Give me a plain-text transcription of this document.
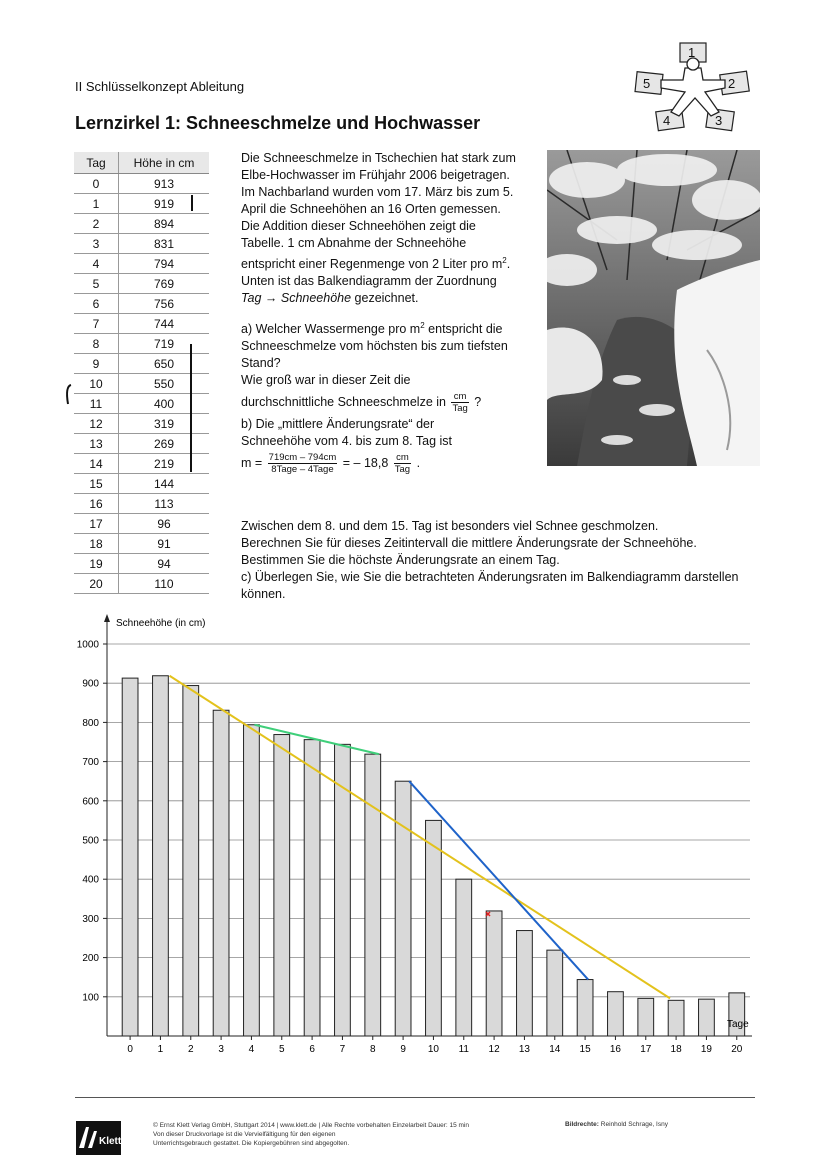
II Schlüsselkonzept Ableitung
Lernzirkel 1: Schneeschmelze und Hochwasser
1
2
3
4
5
Tag	Höhe in cm
0	913
1	919
2	894
3	831
4	794
5	769
6	756
7	744
8	719
9	650
10	550
11	400
12	319
13	269
14	219
15	144
16	113
17	96
18	91
19	94
20	110

Die Schneeschmelze in Tschechien hat stark zum Elbe-Hochwasser im Frühjahr 2006 beigetragen. Im Nachbarland wurden vom 17. März bis zum 5. April die Schneehöhen an 16 Orten gemessen. Die Addition dieser Schneehöhen zeigt die Tabelle. 1 cm Abnahme der Schneehöhe entspricht einer Regenmenge von 2 Liter pro $m^2$.

Unten ist das Balkendiagramm der Zuordnung Tag → Schneehöhe gezeichnet.

a) Welcher Wassermenge pro $m^2$ entspricht die Schneeschmelze vom höchsten bis zum tiefsten Stand?

Wie groß war in dieser Zeit die

durchschnittliche Schneeschmelze in $\frac{cm}{\text{Tag}}$ ?

b) Die „mittlere Änderungsrate“ der

Schneehöhe vom 4. bis zum 8. Tag ist

$m = \frac{719cm - 794cm}{\text{8Tage – 4Tage}}$ = – $18,8 \frac{cm}{\text{Tag}}$ .

Zwischen dem 8. und dem 15. Tag ist besonders viel Schnee geschmolzen.

Berechnen Sie für dieses Zeitintervall die mittlere Änderungsrate der Schneehöhe.

Bestimmen Sie die höchste Änderungsrate an einem Tag.

c) Überlegen Sie, wie Sie die betrachteten Änderungsraten im Balkendiagramm darstellen können.

100
200
300
400
500
600
700
800
900
1000
0 1 2 3 4 5 6 7 8 9 10 11 12 13 14 15 16 17 18 19 20
Schneehöhe (in cm)
Tage
Klett
© Ernst Klett Verlag GmbH, Stuttgart 2014 | www.klett.de | Alle Rechte vorbehalten Einzelarbeit Dauer: 15 min
Von dieser Druckvorlage ist die Vervielfältigung für den eigenen
Unterrichtsgebrauch gestattet. Die Kopiergebühren sind abgegolten.
Bildrechte: Reinhold Schrage, Isny
